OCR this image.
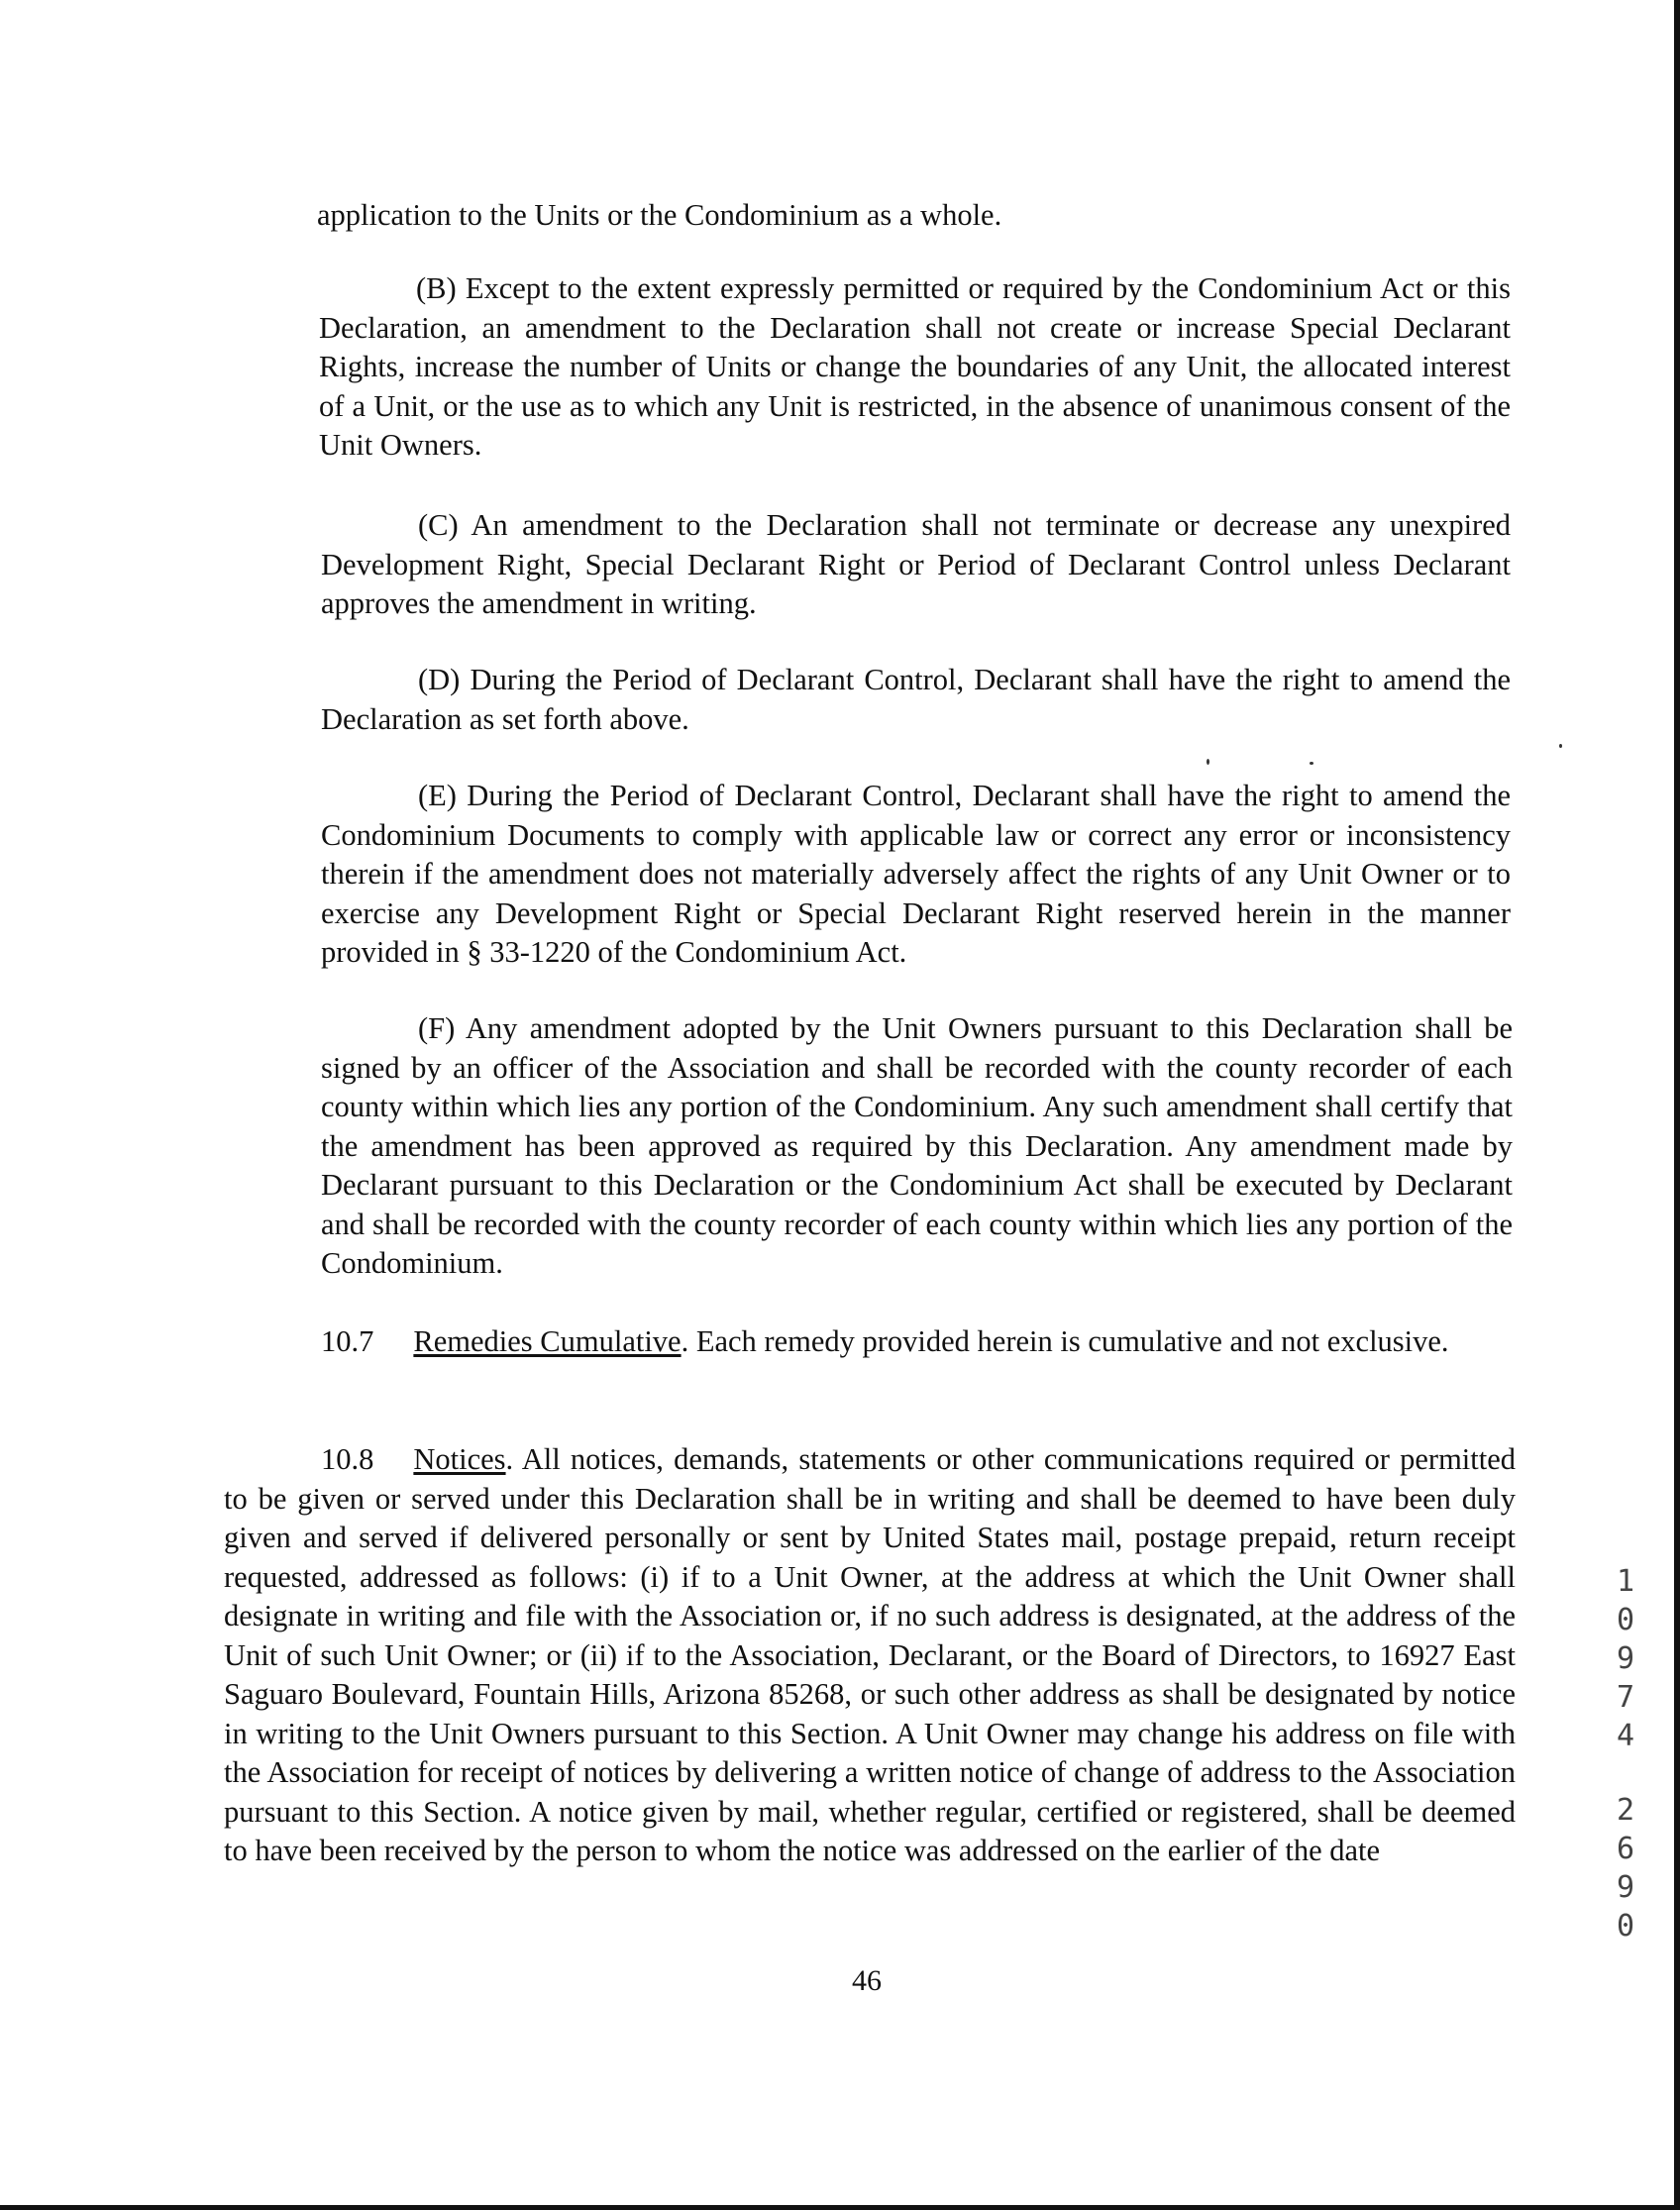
application to the Units or the Condominium as a whole.

(B) Except to the extent expressly permitted or required by the Condominium Act or this Declaration, an amendment to the Declaration shall not create or increase Special Declarant Rights, increase the number of Units or change the boundaries of any Unit, the allocated interest of a Unit, or the use as to which any Unit is restricted, in the absence of unanimous consent of the Unit Owners.

(C) An amendment to the Declaration shall not terminate or decrease any unexpired Development Right, Special Declarant Right or Period of Declarant Control unless Declarant approves the amendment in writing.

(D) During the Period of Declarant Control, Declarant shall have the right to amend the Declaration as set forth above.

(E) During the Period of Declarant Control, Declarant shall have the right to amend the Condominium Documents to comply with applicable law or correct any error or inconsistency therein if the amendment does not materially adversely affect the rights of any Unit Owner or to exercise any Development Right or Special Declarant Right reserved herein in the manner provided in § 33-1220 of the Condominium Act.

(F) Any amendment adopted by the Unit Owners pursuant to this Declaration shall be signed by an officer of the Association and shall be recorded with the county recorder of each county within which lies any portion of the Condominium. Any such amendment shall certify that the amendment has been approved as required by this Declaration. Any amendment made by Declarant pursuant to this Declaration or the Condominium Act shall be executed by Declarant and shall be recorded with the county recorder of each county within which lies any portion of the Condominium.

10.7 Remedies Cumulative. Each remedy provided herein is cumulative and not exclusive.

10.8 Notices. All notices, demands, statements or other communications required or permitted to be given or served under this Declaration shall be in writing and shall be deemed to have been duly given and served if delivered personally or sent by United States mail, postage prepaid, return receipt requested, addressed as follows: (i) if to a Unit Owner, at the address at which the Unit Owner shall designate in writing and file with the Association or, if no such address is designated, at the address of the Unit of such Unit Owner; or (ii) if to the Association, Declarant, or the Board of Directors, to 16927 East Saguaro Boulevard, Fountain Hills, Arizona 85268, or such other address as shall be designated by notice in writing to the Unit Owners pursuant to this Section. A Unit Owner may change his address on file with the Association for receipt of notices by delivering a written notice of change of address to the Association pursuant to this Section. A notice given by mail, whether regular, certified or registered, shall be deemed to have been received by the person to whom the notice was addressed on the earlier of the date

46
1
0
9
7
4
2
6
9
0
